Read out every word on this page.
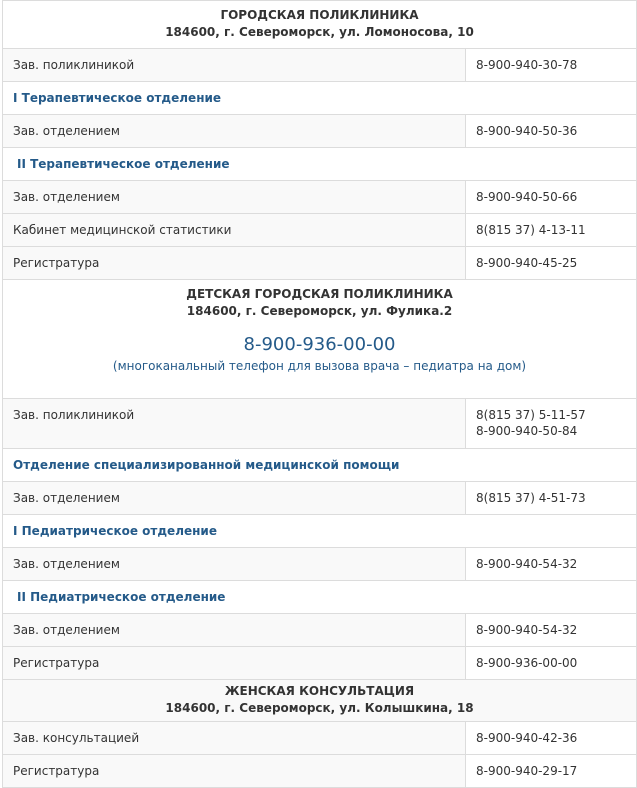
ГОРОДСКАЯ ПОЛИКЛИНИКА
184600, г. Североморск, ул. Ломоносова, 10	

Зав. поликлиникой	8-900-940-30-78
I Терапевтическое отделение	
Зав. отделением	8-900-940-50-36
II Терапевтическое отделение	
Зав. отделением	8-900-940-50-66
Кабинет медицинской статистики	8(815 37) 4-13-11
Регистратура	8-900-940-45-25

ДЕТСКАЯ ГОРОДСКАЯ ПОЛИКЛИНИКА
184600, г. Североморск, ул. Фулика.2
8-900-936-00-00
(многоканальный телефон для вызова врача – педиатра на дом)	

Зав. поликлиникой	8(815 37) 5-11-57
8-900-940-50-84

Отделение специализированной медицинской помощи	
Зав. отделением	8(815 37) 4-51-73
I Педиатрическое отделение	
Зав. отделением	8-900-940-54-32
II Педиатрическое отделение	
Зав. отделением	8-900-940-54-32
Регистратура	8-900-936-00-00

ЖЕНСКАЯ КОНСУЛЬТАЦИЯ
184600, г. Североморск, ул. Колышкина, 18	

Зав. консультацией	8-900-940-42-36
Регистратура	8-900-940-29-17
